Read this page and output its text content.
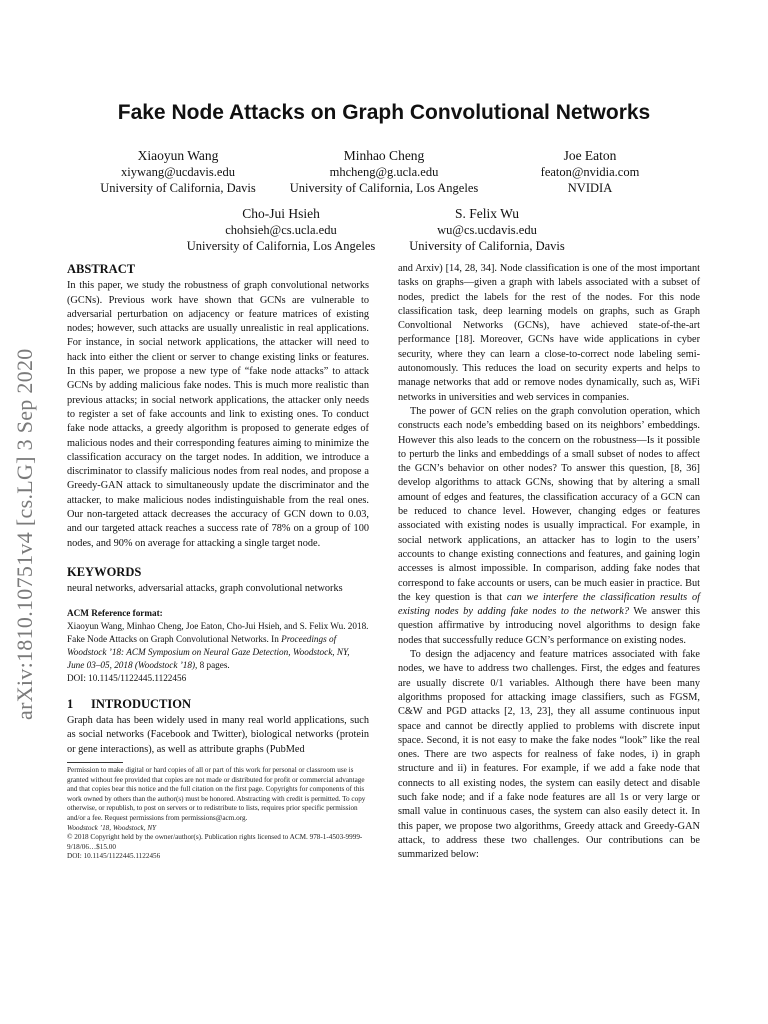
Fake Node Attacks on Graph Convolutional Networks
Xiaoyun Wang
xiywang@ucdavis.edu
University of California, Davis
Minhao Cheng
mhcheng@g.ucla.edu
University of California, Los Angeles
Joe Eaton
featon@nvidia.com
NVIDIA
Cho-Jui Hsieh
chohsieh@cs.ucla.edu
University of California, Los Angeles
S. Felix Wu
wu@cs.ucdavis.edu
University of California, Davis
arXiv:1810.10751v4 [cs.LG] 3 Sep 2020
ABSTRACT

In this paper, we study the robustness of graph convolutional networks (GCNs). Previous work have shown that GCNs are vulnerable to adversarial perturbation on adjacency or feature matrices of existing nodes; however, such attacks are usually unrealistic in real applications. For instance, in social network applications, the attacker will need to hack into either the client or server to change existing links or features. In this paper, we propose a new type of “fake node attacks” to attack GCNs by adding malicious fake nodes. This is much more realistic than previous attacks; in social network applications, the attacker only needs to register a set of fake accounts and link to existing ones. To conduct fake node attacks, a greedy algorithm is proposed to generate edges of malicious nodes and their corresponding features aiming to minimize the classification accuracy on the target nodes. In addition, we introduce a discriminator to classify malicious nodes from real nodes, and propose a Greedy-GAN attack to simultaneously update the discriminator and the attacker, to make malicious nodes indistinguishable from the real ones. Our non-targeted attack decreases the accuracy of GCN down to 0.03, and our targeted attack reaches a success rate of 78% on a group of 100 nodes, and 90% on average for attacking a single target node.

KEYWORDS

neural networks, adversarial attacks, graph convolutional networks

ACM Reference format:
Xiaoyun Wang, Minhao Cheng, Joe Eaton, Cho-Jui Hsieh, and S. Felix Wu. 2018. Fake Node Attacks on Graph Convolutional Networks. In Proceedings of Woodstock ’18: ACM Symposium on Neural Gaze Detection, Woodstock, NY, June 03–05, 2018 (Woodstock ’18), 8 pages.
DOI: 10.1145/1122445.1122456
1 INTRODUCTION

Graph data has been widely used in many real world applications, such as social networks (Facebook and Twitter), biological networks (protein or gene interactions), as well as attribute graphs (PubMed

Permission to make digital or hard copies of all or part of this work for personal or classroom use is granted without fee provided that copies are not made or distributed for profit or commercial advantage and that copies bear this notice and the full citation on the first page. Copyrights for components of this work owned by others than the author(s) must be honored. Abstracting with credit is permitted. To copy otherwise, or republish, to post on servers or to redistribute to lists, requires prior specific permission and/or a fee. Request permissions from permissions@acm.org.

Woodstock ’18, Woodstock, NY

© 2018 Copyright held by the owner/author(s). Publication rights licensed to ACM. 978-1-4503-9999-9/18/06…$15.00

DOI: 10.1145/1122445.1122456

and Arxiv) [14, 28, 34]. Node classification is one of the most important tasks on graphs—given a graph with labels associated with a subset of nodes, predict the labels for the rest of the nodes. For this node classification task, deep learning models on graphs, such as Graph Convoltional Networks (GCNs), have achieved state-of-the-art performance [18]. Moreover, GCNs have wide applications in cyber security, where they can learn a close-to-correct node labeling semi-autonomously. This reduces the load on security experts and helps to manage networks that add or remove nodes dynamically, such as, WiFi networks in universities and web services in companies.

The power of GCN relies on the graph convolution operation, which constructs each node’s embedding based on its neighbors’ embeddings. However this also leads to the concern on the robustness—Is it possible to perturb the links and embeddings of a small subset of nodes to affect the GCN’s behavior on other nodes? To answer this question, [8, 36] develop algorithms to attack GCNs, showing that by altering a small amount of edges and features, the classification accuracy of a GCN can be reduced to chance level. However, changing edges or features associated with existing nodes is usually impractical. For example, in social network applications, an attacker has to login to the users’ accounts to change existing connections and features, and gaining login accesses is almost impossible. In comparison, adding fake nodes that correspond to fake accounts or users, can be much easier in practice. But the key question is that can we interfere the classification results of existing nodes by adding fake nodes to the network? We answer this question affirmative by introducing novel algorithms to design fake nodes that successfully reduce GCN’s performance on existing nodes.

To design the adjacency and feature matrices associated with fake nodes, we have to address two challenges. First, the edges and features are usually discrete 0/1 variables. Although there have been many algorithms proposed for attacking image classifiers, such as FGSM, C&W and PGD attacks [2, 13, 23], they all assume continuous input space and cannot be directly applied to problems with discrete input space. Second, it is not easy to make the fake nodes “look” like the real ones. There are two aspects for realness of fake nodes, i) in graph structure and ii) in features. For example, if we add a fake node that connects to all existing nodes, the system can easily detect and disable such fake node; and if a fake node features are all 1s or very large or small value in continuous cases, the system can also easily detect it. In this paper, we propose two algorithms, Greedy attack and Greedy-GAN attack, to address these two challenges. Our contributions can be summarized below:
